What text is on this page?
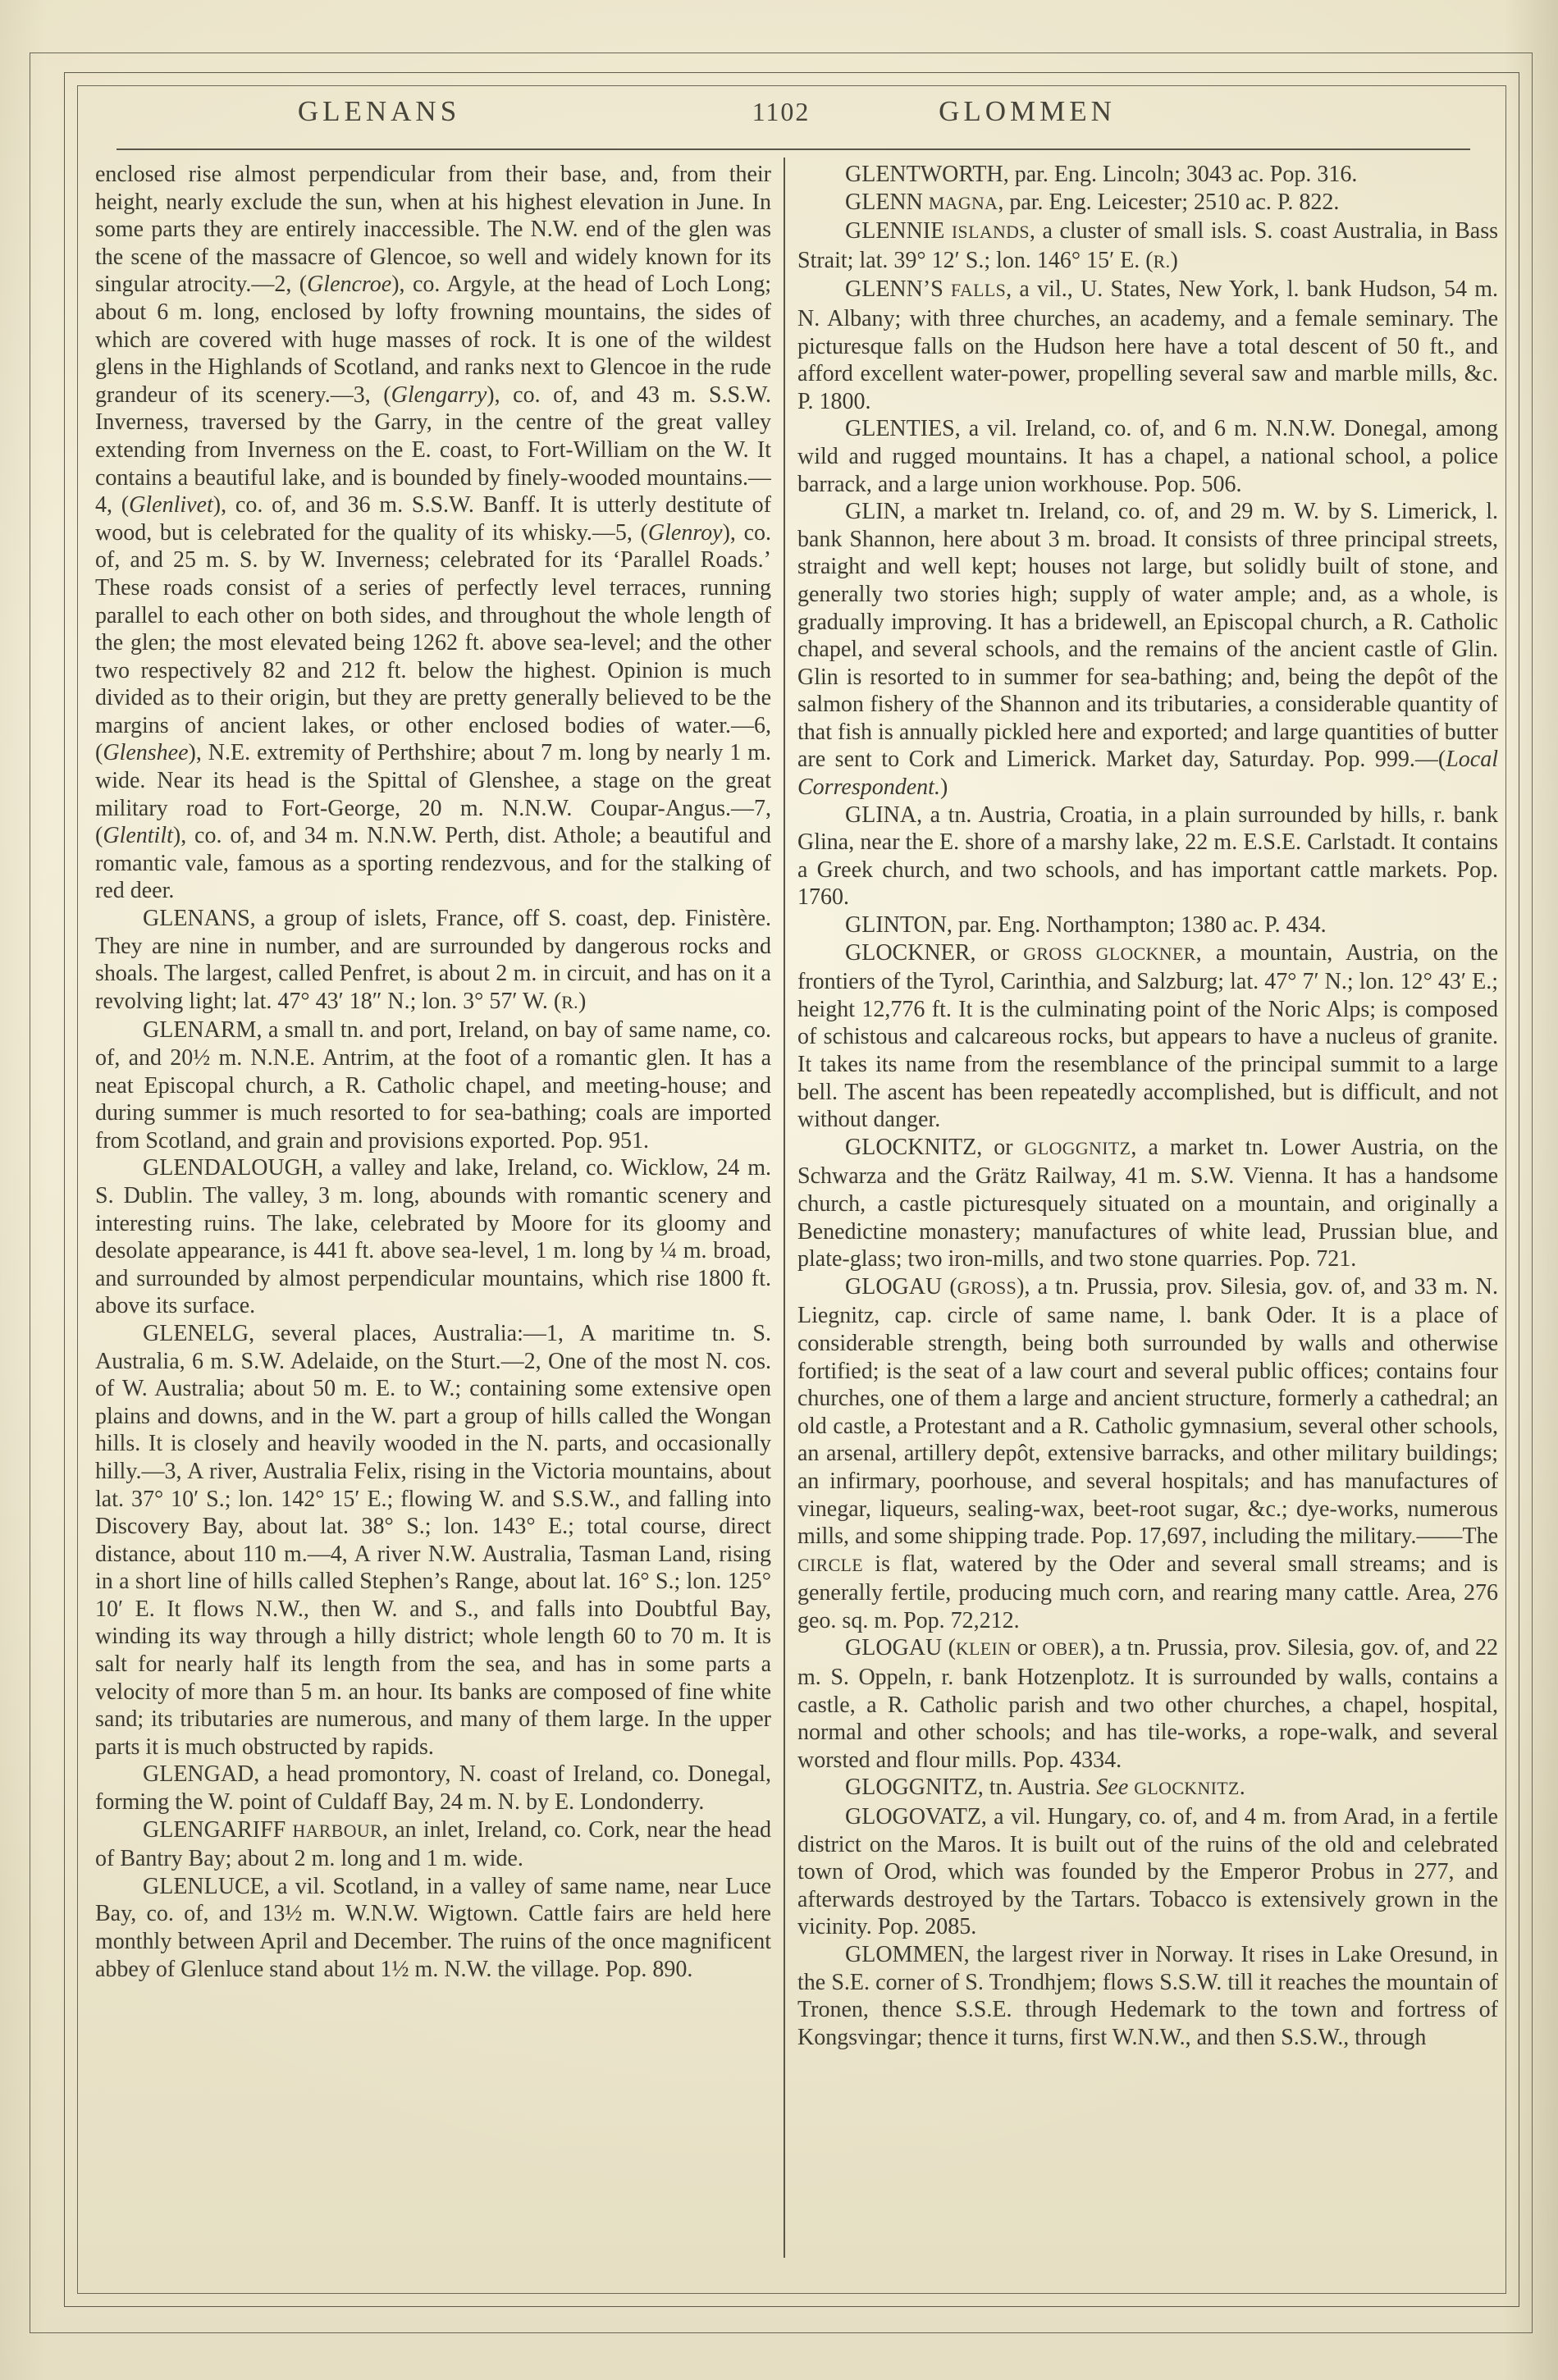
GLENANS	1102	GLOMMEN

enclosed rise almost perpendicular from their base, and, from their height, nearly exclude the sun, when at his highest elevation in June. In some parts they are entirely inaccessible. The N.W. end of the glen was the scene of the massacre of Glencoe, so well and widely known for its singular atrocity.—2, (Glencroe), co. Argyle, at the head of Loch Long; about 6 m. long, enclosed by lofty frowning mountains, the sides of which are covered with huge masses of rock. It is one of the wildest glens in the Highlands of Scotland, and ranks next to Glencoe in the rude grandeur of its scenery.—3, (Glengarry), co. of, and 43 m. S.S.W. Inverness, traversed by the Garry, in the centre of the great valley extending from Inverness on the E. coast, to Fort-William on the W. It contains a beautiful lake, and is bounded by finely-wooded mountains.—4, (Glenlivet), co. of, and 36 m. S.S.W. Banff. It is utterly destitute of wood, but is celebrated for the quality of its whisky.—5, (Glenroy), co. of, and 25 m. S. by W. Inverness; celebrated for its ‘Parallel Roads.’ These roads consist of a series of perfectly level terraces, running parallel to each other on both sides, and throughout the whole length of the glen; the most elevated being 1262 ft. above sea-level; and the other two respectively 82 and 212 ft. below the highest. Opinion is much divided as to their origin, but they are pretty generally believed to be the margins of ancient lakes, or other enclosed bodies of water.—6, (Glenshee), N.E. extremity of Perthshire; about 7 m. long by nearly 1 m. wide. Near its head is the Spittal of Glenshee, a stage on the great military road to Fort-George, 20 m. N.N.W. Coupar-Angus.—7, (Glentilt), co. of, and 34 m. N.N.W. Perth, dist. Athole; a beautiful and romantic vale, famous as a sporting rendezvous, and for the stalking of red deer.

GLENANS, a group of islets, France, off S. coast, dep. Finistère. They are nine in number, and are surrounded by dangerous rocks and shoals. The largest, called Penfret, is about 2 m. in circuit, and has on it a revolving light; lat. 47° 43′ 18″ N.; lon. 3° 57′ W. (R.)

GLENARM, a small tn. and port, Ireland, on bay of same name, co. of, and 20½ m. N.N.E. Antrim, at the foot of a romantic glen. It has a neat Episcopal church, a R. Catholic chapel, and meeting-house; and during summer is much resorted to for sea-bathing; coals are imported from Scotland, and grain and provisions exported. Pop. 951.

GLENDALOUGH, a valley and lake, Ireland, co. Wicklow, 24 m. S. Dublin. The valley, 3 m. long, abounds with romantic scenery and interesting ruins. The lake, celebrated by Moore for its gloomy and desolate appearance, is 441 ft. above sea-level, 1 m. long by ¼ m. broad, and surrounded by almost perpendicular mountains, which rise 1800 ft. above its surface.

GLENELG, several places, Australia:—1, A maritime tn. S. Australia, 6 m. S.W. Adelaide, on the Sturt.—2, One of the most N. cos. of W. Australia; about 50 m. E. to W.; containing some extensive open plains and downs, and in the W. part a group of hills called the Wongan hills. It is closely and heavily wooded in the N. parts, and occasionally hilly.—3, A river, Australia Felix, rising in the Victoria mountains, about lat. 37° 10′ S.; lon. 142° 15′ E.; flowing W. and S.S.W., and falling into Discovery Bay, about lat. 38° S.; lon. 143° E.; total course, direct distance, about 110 m.—4, A river N.W. Australia, Tasman Land, rising in a short line of hills called Stephen’s Range, about lat. 16° S.; lon. 125° 10′ E. It flows N.W., then W. and S., and falls into Doubtful Bay, winding its way through a hilly district; whole length 60 to 70 m. It is salt for nearly half its length from the sea, and has in some parts a velocity of more than 5 m. an hour. Its banks are composed of fine white sand; its tributaries are numerous, and many of them large. In the upper parts it is much obstructed by rapids.

GLENGAD, a head promontory, N. coast of Ireland, co. Donegal, forming the W. point of Culdaff Bay, 24 m. N. by E. Londonderry.

GLENGARIFF HARBOUR, an inlet, Ireland, co. Cork, near the head of Bantry Bay; about 2 m. long and 1 m. wide.

GLENLUCE, a vil. Scotland, in a valley of same name, near Luce Bay, co. of, and 13½ m. W.N.W. Wigtown. Cattle fairs are held here monthly between April and December. The ruins of the once magnificent abbey of Glenluce stand about 1½ m. N.W. the village. Pop. 890.

GLENTWORTH, par. Eng. Lincoln; 3043 ac. Pop. 316.

GLENN MAGNA, par. Eng. Leicester; 2510 ac. P. 822.

GLENNIE ISLANDS, a cluster of small isls. S. coast Australia, in Bass Strait; lat. 39° 12′ S.; lon. 146° 15′ E. (R.)

GLENN’S FALLS, a vil., U. States, New York, l. bank Hudson, 54 m. N. Albany; with three churches, an academy, and a female seminary. The picturesque falls on the Hudson here have a total descent of 50 ft., and afford excellent water-power, propelling several saw and marble mills, &c. P. 1800.

GLENTIES, a vil. Ireland, co. of, and 6 m. N.N.W. Donegal, among wild and rugged mountains. It has a chapel, a national school, a police barrack, and a large union workhouse. Pop. 506.

GLIN, a market tn. Ireland, co. of, and 29 m. W. by S. Limerick, l. bank Shannon, here about 3 m. broad. It consists of three principal streets, straight and well kept; houses not large, but solidly built of stone, and generally two stories high; supply of water ample; and, as a whole, is gradually improving. It has a bridewell, an Episcopal church, a R. Catholic chapel, and several schools, and the remains of the ancient castle of Glin. Glin is resorted to in summer for sea-bathing; and, being the depôt of the salmon fishery of the Shannon and its tributaries, a considerable quantity of that fish is annually pickled here and exported; and large quantities of butter are sent to Cork and Limerick. Market day, Saturday. Pop. 999.—(Local Correspondent.)

GLINA, a tn. Austria, Croatia, in a plain surrounded by hills, r. bank Glina, near the E. shore of a marshy lake, 22 m. E.S.E. Carlstadt. It contains a Greek church, and two schools, and has important cattle markets. Pop. 1760.

GLINTON, par. Eng. Northampton; 1380 ac. P. 434.

GLOCKNER, or GROSS GLOCKNER, a mountain, Austria, on the frontiers of the Tyrol, Carinthia, and Salzburg; lat. 47° 7′ N.; lon. 12° 43′ E.; height 12,776 ft. It is the culminating point of the Noric Alps; is composed of schistous and calcareous rocks, but appears to have a nucleus of granite. It takes its name from the resemblance of the principal summit to a large bell. The ascent has been repeatedly accomplished, but is difficult, and not without danger.

GLOCKNITZ, or GLOGGNITZ, a market tn. Lower Austria, on the Schwarza and the Grätz Railway, 41 m. S.W. Vienna. It has a handsome church, a castle picturesquely situated on a mountain, and originally a Benedictine monastery; manufactures of white lead, Prussian blue, and plate-glass; two iron-mills, and two stone quarries. Pop. 721.

GLOGAU (GROSS), a tn. Prussia, prov. Silesia, gov. of, and 33 m. N. Liegnitz, cap. circle of same name, l. bank Oder. It is a place of considerable strength, being both surrounded by walls and otherwise fortified; is the seat of a law court and several public offices; contains four churches, one of them a large and ancient structure, formerly a cathedral; an old castle, a Protestant and a R. Catholic gymnasium, several other schools, an arsenal, artillery depôt, extensive barracks, and other military buildings; an infirmary, poorhouse, and several hospitals; and has manufactures of vinegar, liqueurs, sealing-wax, beet-root sugar, &c.; dye-works, numerous mills, and some shipping trade. Pop. 17,697, including the military.——The CIRCLE is flat, watered by the Oder and several small streams; and is generally fertile, producing much corn, and rearing many cattle. Area, 276 geo. sq. m. Pop. 72,212.

GLOGAU (KLEIN or OBER), a tn. Prussia, prov. Silesia, gov. of, and 22 m. S. Oppeln, r. bank Hotzenplotz. It is surrounded by walls, contains a castle, a R. Catholic parish and two other churches, a chapel, hospital, normal and other schools; and has tile-works, a rope-walk, and several worsted and flour mills. Pop. 4334.

GLOGGNITZ, tn. Austria. See GLOCKNITZ.

GLOGOVATZ, a vil. Hungary, co. of, and 4 m. from Arad, in a fertile district on the Maros. It is built out of the ruins of the old and celebrated town of Orod, which was founded by the Emperor Probus in 277, and afterwards destroyed by the Tartars. Tobacco is extensively grown in the vicinity. Pop. 2085.

GLOMMEN, the largest river in Norway. It rises in Lake Oresund, in the S.E. corner of S. Trondhjem; flows S.S.W. till it reaches the mountain of Tronen, thence S.S.E. through Hedemark to the town and fortress of Kongsvingar; thence it turns, first W.N.W., and then S.S.W., through
